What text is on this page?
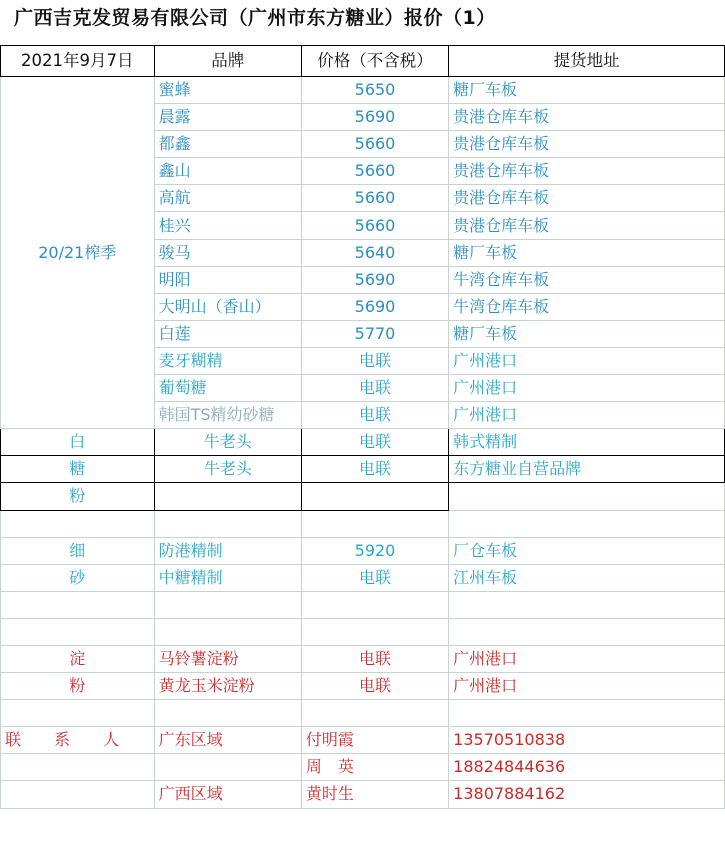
广西吉克发贸易有限公司（广州市东方糖业）报价（1）
2021年9月7日	品牌	价格（不含税）	提货地址
20/21榨季	蜜蜂	5650	糖厂车板
	晨露	5690	贵港仓库车板
	都鑫	5660	贵港仓库车板
	鑫山	5660	贵港仓库车板
	高航	5660	贵港仓库车板
	桂兴	5660	贵港仓库车板
	骏马	5640	糖厂车板
	明阳	5690	牛湾仓库车板
	大明山（香山）	5690	牛湾仓库车板
	白莲	5770	糖厂车板
	麦牙糊精	电联	广州港口
	葡萄糖	电联	广州港口
	韩国TS精幼砂糖	电联	广州港口
白	牛老头	电联	韩式精制
糖	牛老头	电联	东方糖业自营品牌
粉			

细	防港精制	5920	厂仓车板
砂	中糖精制	电联	江州车板

淀	马铃薯淀粉	电联	广州港口
粉	黄龙玉米淀粉	电联	广州港口

联 系 人	广东区域	付明霞	13570510838
		周　英	18824844636
	广西区域	黄时生	13807884162
